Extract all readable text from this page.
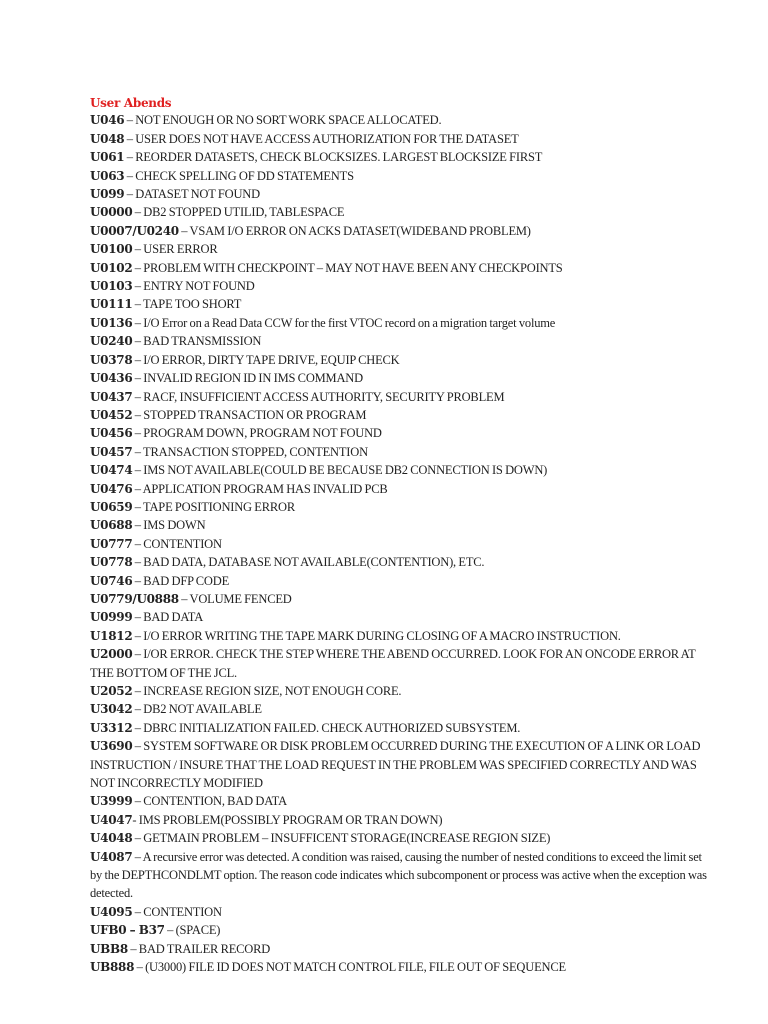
User Abends
U046 – NOT ENOUGH OR NO SORT WORK SPACE ALLOCATED.
U048 – USER DOES NOT HAVE ACCESS AUTHORIZATION FOR THE DATASET
U061 – REORDER DATASETS, CHECK BLOCKSIZES. LARGEST BLOCKSIZE FIRST
U063 – CHECK SPELLING OF DD STATEMENTS
U099 – DATASET NOT FOUND
U0000 – DB2 STOPPED UTILID, TABLESPACE
U0007/U0240 – VSAM I/O ERROR ON ACKS DATASET(WIDEBAND PROBLEM)
U0100 – USER ERROR
U0102 – PROBLEM WITH CHECKPOINT – MAY NOT HAVE BEEN ANY CHECKPOINTS
U0103 – ENTRY NOT FOUND
U0111 – TAPE TOO SHORT
U0136 – I/O Error on a Read Data CCW for the first VTOC record on a migration target volume
U0240 – BAD TRANSMISSION
U0378 – I/O ERROR, DIRTY TAPE DRIVE, EQUIP CHECK
U0436 – INVALID REGION ID IN IMS COMMAND
U0437 – RACF, INSUFFICIENT ACCESS AUTHORITY, SECURITY PROBLEM
U0452 – STOPPED TRANSACTION OR PROGRAM
U0456 – PROGRAM DOWN, PROGRAM NOT FOUND
U0457 – TRANSACTION STOPPED, CONTENTION
U0474 – IMS NOT AVAILABLE(COULD BE BECAUSE DB2 CONNECTION IS DOWN)
U0476 – APPLICATION PROGRAM HAS INVALID PCB
U0659 – TAPE POSITIONING ERROR
U0688 – IMS DOWN
U0777 – CONTENTION
U0778 – BAD DATA, DATABASE NOT AVAILABLE(CONTENTION), ETC.
U0746 – BAD DFP CODE
U0779/U0888 – VOLUME FENCED
U0999 – BAD DATA
U1812 – I/O ERROR WRITING THE TAPE MARK DURING CLOSING OF A MACRO INSTRUCTION.
U2000 – I/OR ERROR. CHECK THE STEP WHERE THE ABEND OCCURRED. LOOK FOR AN ONCODE ERROR AT THE BOTTOM OF THE JCL.
U2052 – INCREASE REGION SIZE, NOT ENOUGH CORE.
U3042 – DB2 NOT AVAILABLE
U3312 – DBRC INITIALIZATION FAILED. CHECK AUTHORIZED SUBSYSTEM.
U3690 – SYSTEM SOFTWARE OR DISK PROBLEM OCCURRED DURING THE EXECUTION OF A LINK OR LOAD INSTRUCTION / INSURE THAT THE LOAD REQUEST IN THE PROBLEM WAS SPECIFIED CORRECTLY AND WAS NOT INCORRECTLY MODIFIED
U3999 – CONTENTION, BAD DATA
U4047- IMS PROBLEM(POSSIBLY PROGRAM OR TRAN DOWN)
U4048 – GETMAIN PROBLEM – INSUFFICENT STORAGE(INCREASE REGION SIZE)
U4087 – A recursive error was detected. A condition was raised, causing the number of nested conditions to exceed the limit set by the DEPTHCONDLMT option. The reason code indicates which subcomponent or process was active when the exception was detected.
U4095 – CONTENTION
UFB0 – B37 – (SPACE)
UBB8 – BAD TRAILER RECORD
UB888 – (U3000) FILE ID DOES NOT MATCH CONTROL FILE, FILE OUT OF SEQUENCE
